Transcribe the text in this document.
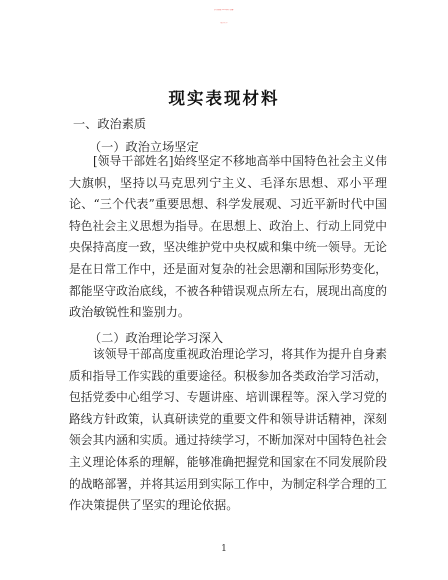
现实表现材料
一、政治素质
（一）政治立场坚定
[领导干部姓名]始终坚定不移地高举中国特色社会主义伟
大旗帜，坚持以马克思列宁主义、毛泽东思想、邓小平理
论、“三个代表”重要思想、科学发展观、习近平新时代中国
特色社会主义思想为指导。在思想上、政治上、行动上同党中
央保持高度一致，坚决维护党中央权威和集中统一领导。无论
是在日常工作中，还是面对复杂的社会思潮和国际形势变化，
都能坚守政治底线，不被各种错误观点所左右，展现出高度的
政治敏锐性和鉴别力。
（二）政治理论学习深入
该领导干部高度重视政治理论学习，将其作为提升自身素
质和指导工作实践的重要途径。积极参加各类政治学习活动，
包括党委中心组学习、专题讲座、培训课程等。深入学习党的
路线方针政策，认真研读党的重要文件和领导讲话精神，深刻
领会其内涵和实质。通过持续学习，不断加深对中国特色社会
主义理论体系的理解，能够准确把握党和国家在不同发展阶段
的战略部署，并将其运用到实际工作中，为制定科学合理的工
作决策提供了坚实的理论依据。
1
